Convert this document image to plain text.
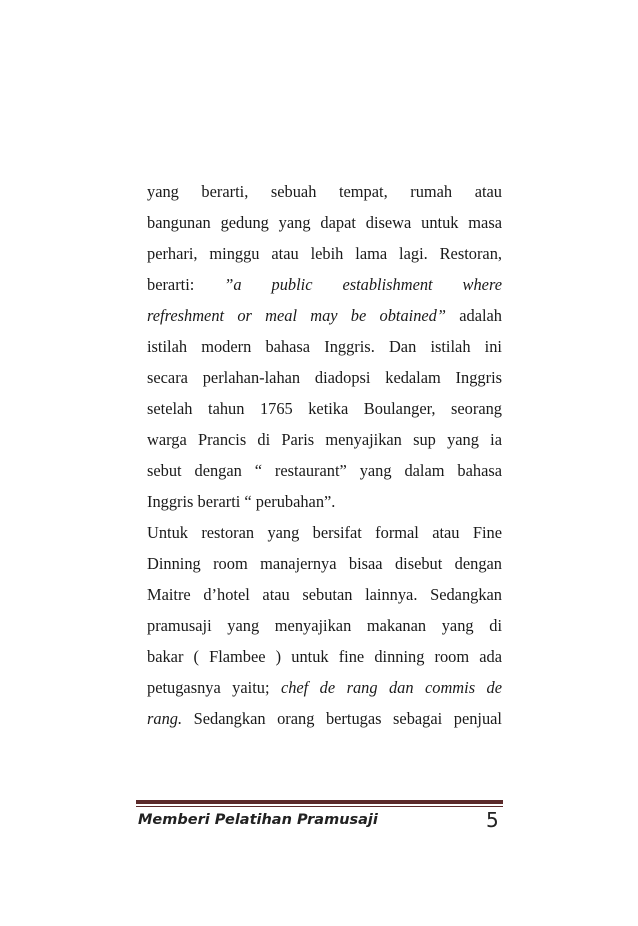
yang berarti, sebuah tempat, rumah atau
bangunan gedung yang dapat disewa untuk masa
perhari, minggu atau lebih lama lagi. Restoran,
berarti: ”a public establishment where
refreshment or meal may be obtained” adalah
istilah modern bahasa Inggris. Dan istilah ini
secara perlahan-lahan diadopsi kedalam Inggris
setelah tahun 1765 ketika Boulanger, seorang
warga Prancis di Paris menyajikan sup yang ia
sebut dengan “ restaurant” yang dalam bahasa
Inggris berarti “ perubahan”.
Untuk restoran yang bersifat formal atau Fine
Dinning room manajernya bisaa disebut dengan
Maitre d’hotel atau sebutan lainnya. Sedangkan
pramusaji yang menyajikan makanan yang di
bakar ( Flambee ) untuk fine dinning room ada
petugasnya yaitu; chef de rang dan commis de
rang. Sedangkan orang bertugas sebagai penjual
Memberi Pelatihan Pramusaji	5
